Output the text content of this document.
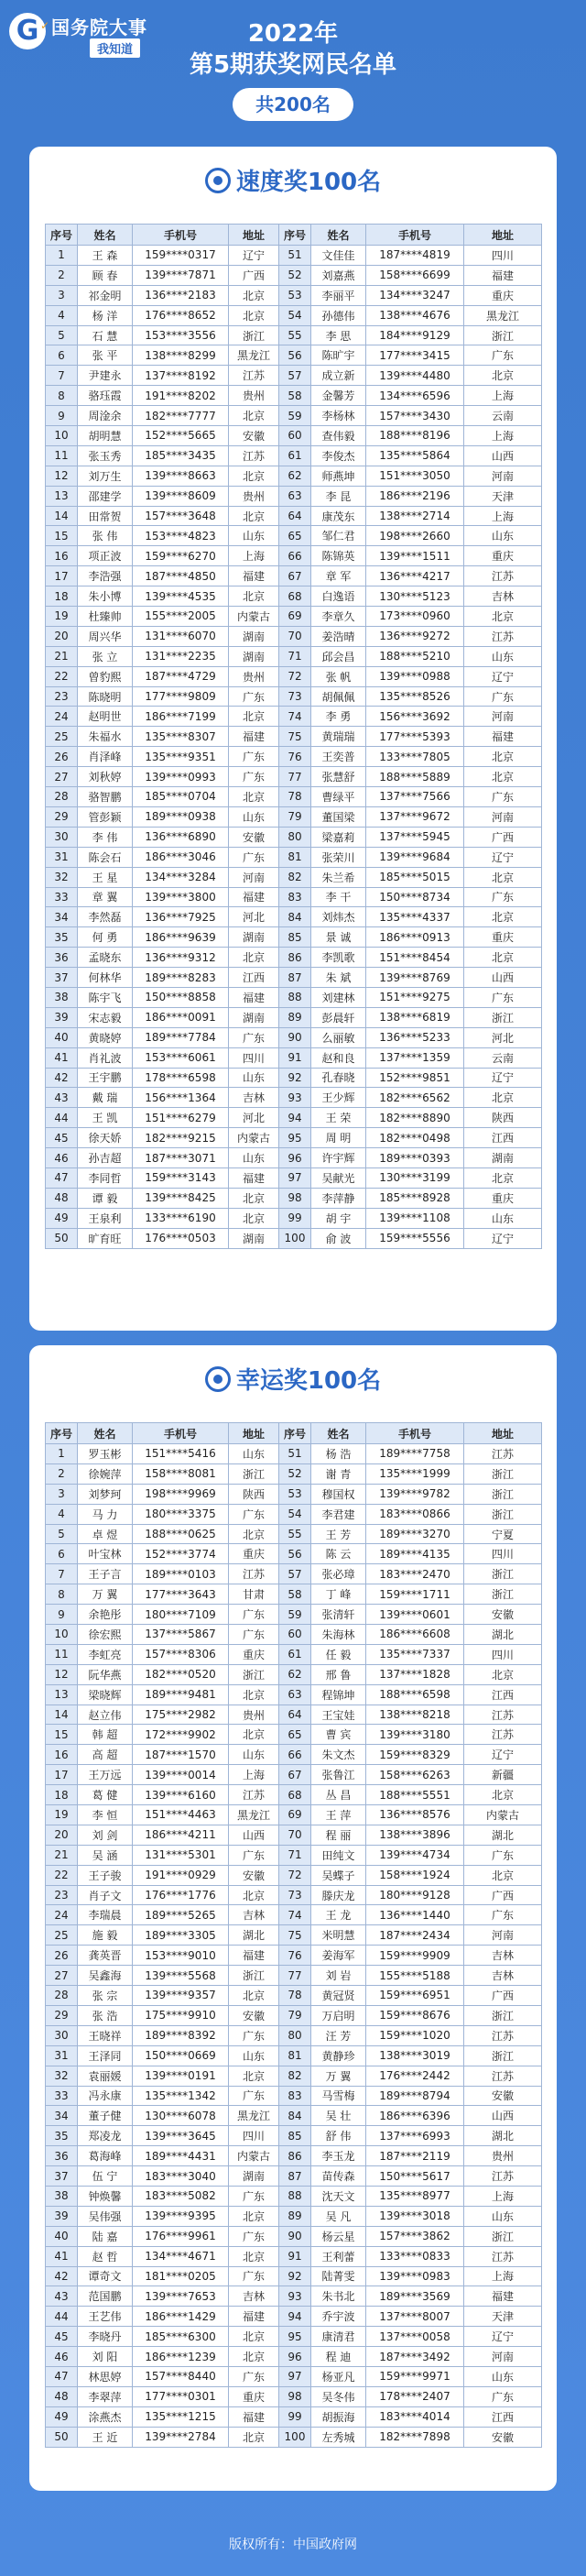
G ✓ 国务院大事
我知道
2022年
第5期获奖网民名单
共200名
速度奖100名
序号	姓名	手机号	地址	序号	姓名	手机号	地址
1	王 森	159****0317	辽宁	51	文佳佳	187****4819	四川
2	顾 春	139****7871	广西	52	刘嘉燕	158****6699	福建
3	祁金明	136****2183	北京	53	李丽平	134****3247	重庆
4	杨 洋	176****8652	北京	54	孙德伟	138****4676	黑龙江
5	石 慧	153****3556	浙江	55	李 思	184****9129	浙江
6	张 平	138****8299	黑龙江	56	陈旷宇	177****3415	广东
7	尹建永	137****8192	江苏	57	成立新	139****4480	北京
8	骆珏霞	191****8202	贵州	58	金馨芳	134****6596	上海
9	周淦余	182****7777	北京	59	李杨林	157****3430	云南
10	胡明慧	152****5665	安徽	60	查伟毅	188****8196	上海
11	张玉秀	185****3435	江苏	61	李俊杰	135****5864	山西
12	刘万生	139****8663	北京	62	师燕坤	151****3050	河南
13	邵建学	139****8609	贵州	63	李 昆	186****2196	天津
14	田常贺	157****3648	北京	64	康茂东	138****2714	上海
15	张 伟	153****4823	山东	65	邹仁君	198****2660	山东
16	项正波	159****6270	上海	66	陈锦英	139****1511	重庆
17	李浩强	187****4850	福建	67	章 军	136****4217	江苏
18	朱小博	139****4535	北京	68	白逸语	130****5123	吉林
19	杜臻帅	155****2005	内蒙古	69	李章久	173****0960	北京
20	周兴华	131****6070	湖南	70	姜浩晴	136****9272	江苏
21	张 立	131****2235	湖南	71	邱会昌	188****5210	山东
22	曾豹熙	187****4729	贵州	72	张 帆	139****0988	辽宁
23	陈晓明	177****9809	广东	73	胡佩佩	135****8526	广东
24	赵明世	186****7199	北京	74	李 勇	156****3692	河南
25	朱福水	135****8307	福建	75	黄瑞瑞	177****5393	福建
26	肖泽峰	135****9351	广东	76	王奕普	133****7805	北京
27	刘秋婷	139****0993	广东	77	张慧舒	188****5889	北京
28	骆智鹏	185****0704	北京	78	曹绿平	137****7566	广东
29	管彭颖	189****0938	山东	79	董国梁	137****9672	河南
30	李 伟	136****6890	安徽	80	梁嘉莉	137****5945	广西
31	陈会石	186****3046	广东	81	张荣川	139****9684	辽宁
32	王 星	134****3284	河南	82	朱兰希	185****5015	北京
33	章 翼	139****3800	福建	83	李 干	150****8734	广东
34	李然磊	136****7925	河北	84	刘炜杰	135****4337	北京
35	何 勇	186****9639	湖南	85	景 诚	186****0913	重庆
36	孟晓东	136****9312	北京	86	李凯歌	151****8454	北京
37	何林华	189****8283	江西	87	朱 斌	139****8769	山西
38	陈宇飞	150****8858	福建	88	刘建林	151****9275	广东
39	宋志毅	186****0091	湖南	89	彭晨轩	138****6819	浙江
40	黄晓婷	189****7784	广东	90	么丽敏	136****5233	河北
41	肖礼波	153****6061	四川	91	赵和良	137****1359	云南
42	王宇鹏	178****6598	山东	92	孔春晓	152****9851	辽宁
43	戴 瑞	156****1364	吉林	93	王少辉	182****6562	北京
44	王 凯	151****6279	河北	94	王 荣	182****8890	陕西
45	徐天娇	182****9215	内蒙古	95	周 明	182****0498	江西
46	孙吉超	187****3071	山东	96	许宇辉	189****0393	湖南
47	李同哲	159****3143	福建	97	吴献光	130****3199	北京
48	谭 毅	139****8425	北京	98	李萍静	185****8928	重庆
49	王泉利	133****6190	北京	99	胡 宇	139****1108	山东
50	旷育旺	176****0503	湖南	100	俞 波	159****5556	辽宁
幸运奖100名
序号	姓名	手机号	地址	序号	姓名	手机号	地址
1	罗玉彬	151****5416	山东	51	杨 浩	189****7758	江苏
2	徐婉萍	158****8081	浙江	52	谢 青	135****1999	浙江
3	刘梦珂	198****9969	陕西	53	穆国权	139****9782	浙江
4	马 力	180****3375	广东	54	李君建	183****0866	浙江
5	卓 煜	188****0625	北京	55	王 芳	189****3270	宁夏
6	叶宝林	152****3774	重庆	56	陈 云	189****4135	四川
7	王子言	189****0103	江苏	57	张必璋	183****2470	浙江
8	万 翼	177****3643	甘肃	58	丁 峰	159****1711	浙江
9	余艳彤	180****7109	广东	59	张清轩	139****0601	安徽
10	徐宏熙	137****5867	广东	60	朱海林	186****6608	湖北
11	李虹亮	157****8306	重庆	61	任 毅	135****7337	四川
12	阮华燕	182****0520	浙江	62	邢 鲁	137****1828	北京
13	梁晓辉	189****9481	北京	63	程锦坤	188****6598	江西
14	赵立伟	175****2982	贵州	64	王宝娃	138****8218	江苏
15	韩 超	172****9902	北京	65	曹 宾	139****3180	江苏
16	高 超	187****1570	山东	66	朱文杰	159****8329	辽宁
17	王万远	139****0014	上海	67	张鲁江	158****6263	新疆
18	葛 健	139****6160	江苏	68	丛 昌	188****5551	北京
19	李 恒	151****4463	黑龙江	69	王 萍	136****8576	内蒙古
20	刘 剑	186****4211	山西	70	程 丽	138****3896	湖北
21	吴 涵	131****5301	广东	71	田纯文	139****4734	广东
22	王子骏	191****0929	安徽	72	吴蝶子	158****1924	北京
23	肖子文	176****1776	北京	73	滕庆龙	180****9128	广西
24	李瑞晨	189****5265	吉林	74	王 龙	136****1440	广东
25	施 毅	189****3305	湖北	75	米明慧	187****2434	河南
26	龚英晋	153****9010	福建	76	姜海军	159****9909	吉林
27	吴鑫海	139****5568	浙江	77	刘 岩	155****5188	吉林
28	张 宗	139****9357	北京	78	黄冠贤	159****6951	广西
29	张 浩	175****9910	安徽	79	万启明	159****8676	浙江
30	王晓祥	189****8392	广东	80	汪 芳	159****1020	江苏
31	王泽同	150****0669	山东	81	黄静珍	138****3019	浙江
32	袁丽媛	139****0191	北京	82	万 翼	176****2442	江苏
33	冯永康	135****1342	广东	83	马雪梅	189****8794	安徽
34	董子健	130****6078	黑龙江	84	吴 壮	186****6396	山西
35	郑凌龙	139****3645	四川	85	舒 伟	137****6993	湖北
36	葛海峰	189****4431	内蒙古	86	李玉龙	187****2119	贵州
37	伍 宁	183****3040	湖南	87	苗传森	150****5617	江苏
38	钟焕馨	183****5082	广东	88	沈天文	135****8977	上海
39	吴伟强	139****9395	北京	89	吴 凡	139****3018	山东
40	陆 嘉	176****9961	广东	90	杨云星	157****3862	浙江
41	赵 哲	134****4671	北京	91	王利蕾	133****0833	江苏
42	谭奇文	181****0205	广东	92	陆菁雯	139****0983	上海
43	范国鹏	139****7653	吉林	93	朱书北	189****3569	福建
44	王艺伟	186****1429	福建	94	乔宇波	137****8007	天津
45	李晓丹	185****6300	北京	95	康清君	137****0058	辽宁
46	刘 阳	186****1239	北京	96	程 迪	187****3492	河南
47	林思婷	157****8440	广东	97	杨亚凡	159****9971	山东
48	李翠萍	177****0301	重庆	98	吴冬伟	178****2407	广东
49	涂燕杰	135****1215	福建	99	胡振海	183****4014	江西
50	王 近	139****2784	北京	100	左秀城	182****7898	安徽
版权所有：中国政府网
